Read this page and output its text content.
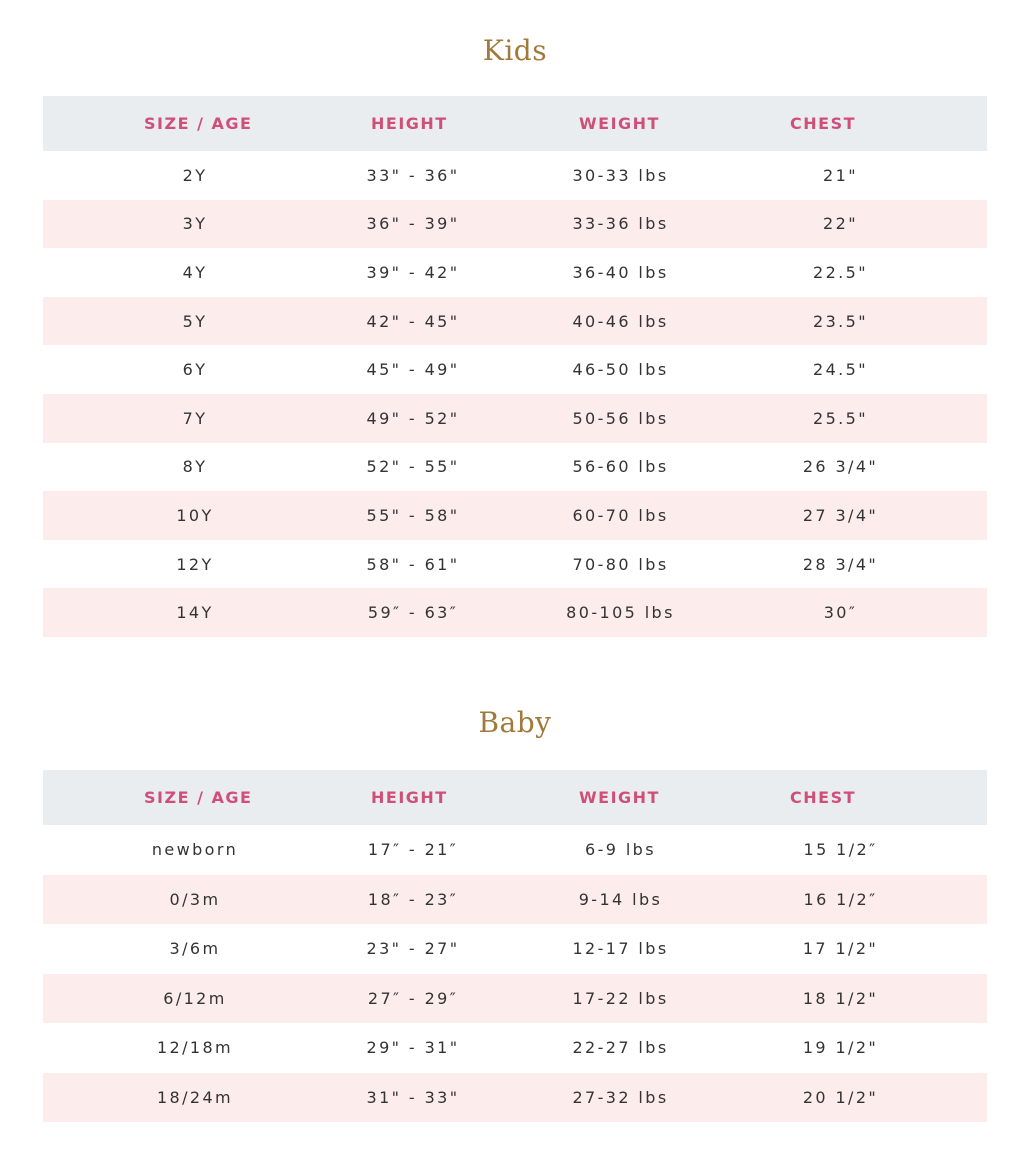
Kids
SIZE / AGE	HEIGHT	WEIGHT	CHEST
2Y	33" - 36"	30-33 lbs	21"
3Y	36" - 39"	33-36 lbs	22"
4Y	39" - 42"	36-40 lbs	22.5"
5Y	42" - 45"	40-46 lbs	23.5"
6Y	45" - 49"	46-50 lbs	24.5"
7Y	49" - 52"	50-56 lbs	25.5"
8Y	52" - 55"	56-60 lbs	26 3/4"
10Y	55" - 58"	60-70 lbs	27 3/4"
12Y	58" - 61"	70-80 lbs	28 3/4"
14Y	59″ - 63″	80-105 lbs	30″
Baby
SIZE / AGE	HEIGHT	WEIGHT	CHEST
newborn	17″ - 21″	6-9 lbs	15 1/2″
0/3m	18″ - 23″	9-14 lbs	16 1/2″
3/6m	23" - 27"	12-17 lbs	17 1/2"
6/12m	27″ - 29″	17-22 lbs	18 1/2"
12/18m	29" - 31"	22-27 lbs	19 1/2"
18/24m	31" - 33"	27-32 lbs	20 1/2"
